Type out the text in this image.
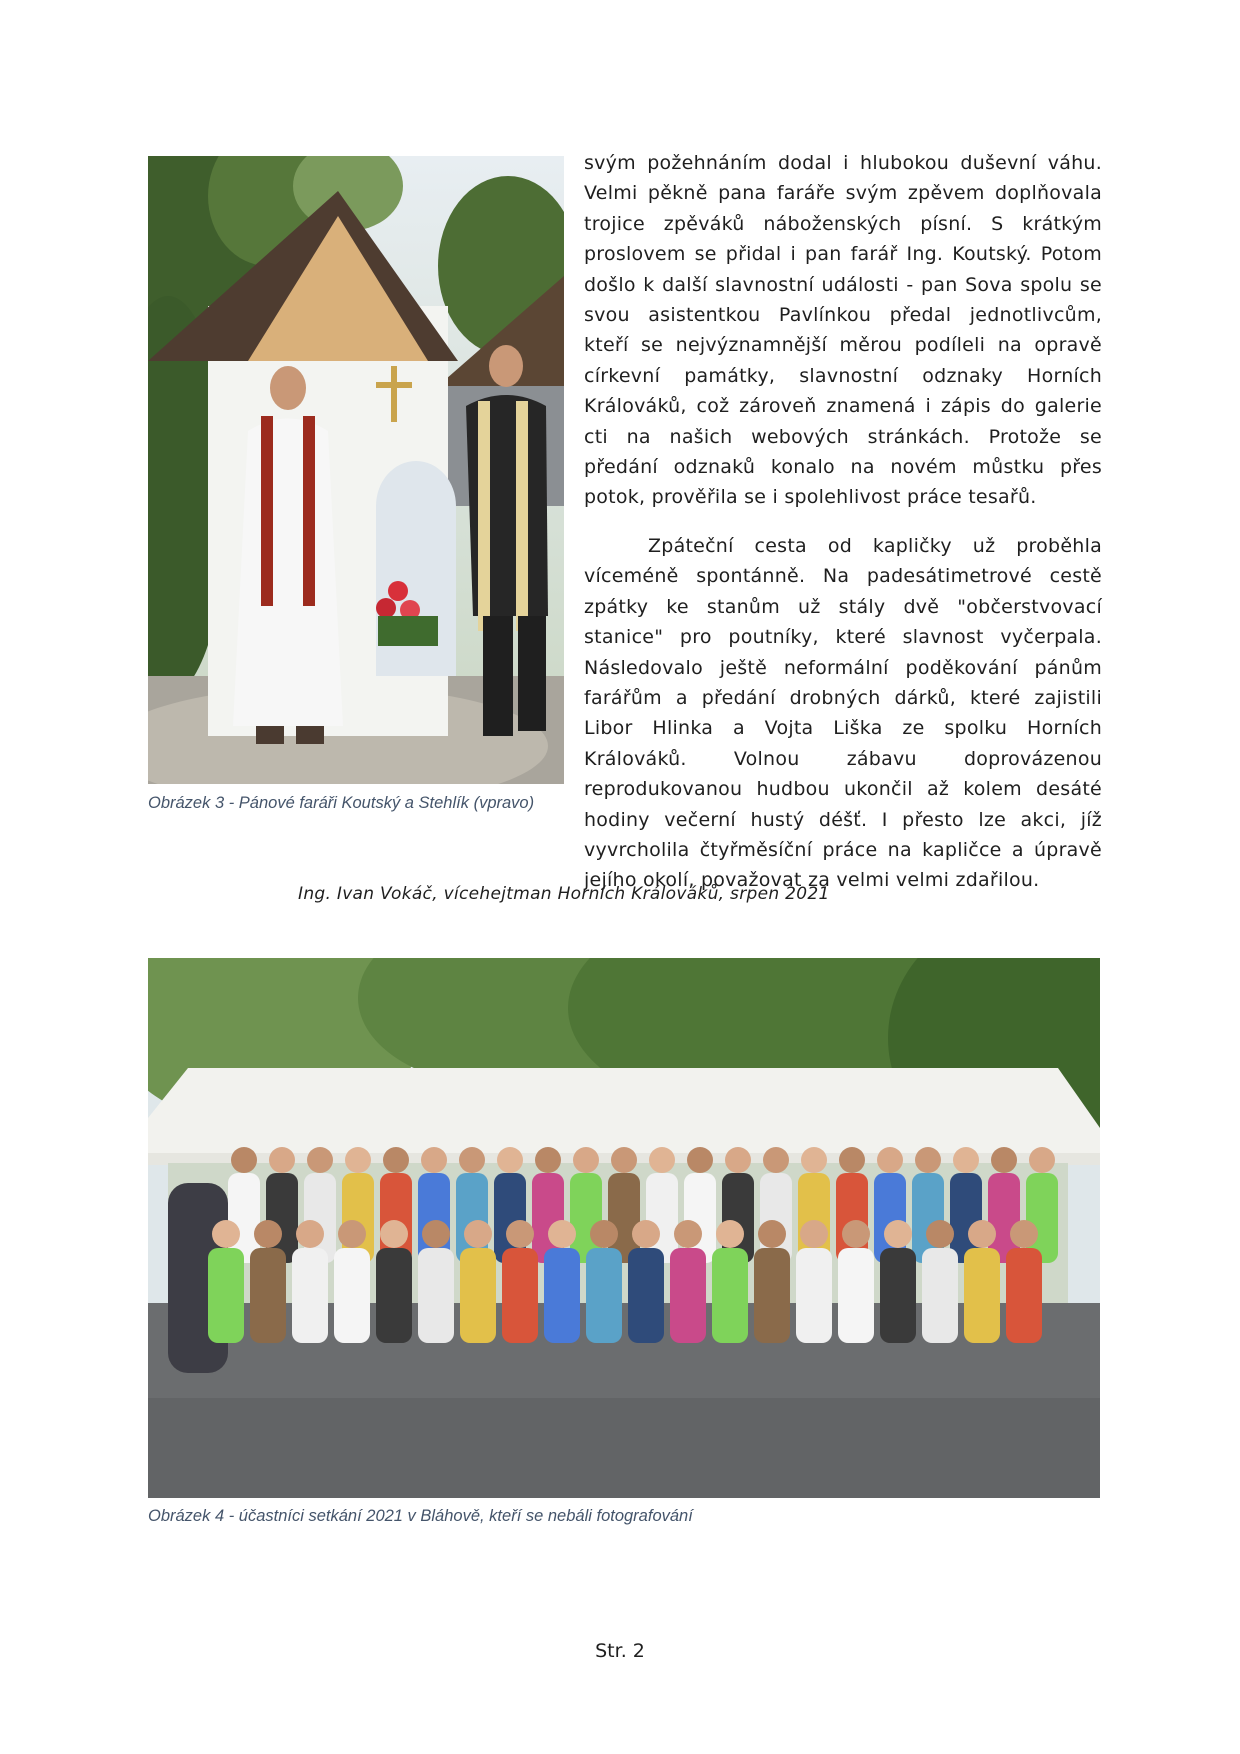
Obrázek 3 - Pánové faráři Koutský a Stehlík (vpravo)

svým požehnáním dodal i hlubokou duševní váhu. Velmi pěkně pana faráře svým zpěvem doplňovala trojice zpěváků náboženských písní. S krátkým proslovem se přidal i pan farář Ing. Koutský. Potom došlo k další slavnostní události - pan Sova spolu se svou asistentkou Pavlínkou předal jednotlivcům, kteří se nejvýznamnější měrou podíleli na opravě církevní památky, slavnostní odznaky Horních Králováků, což zároveň znamená i zápis do galerie cti na našich webových stránkách. Protože se předání odznaků konalo na novém můstku přes potok, prověřila se i spolehlivost práce tesařů.

Zpáteční cesta od kapličky už proběhla víceméně spontánně. Na padesátimetrové cestě zpátky ke stanům už stály dvě "občerstvovací stanice" pro poutníky, které slavnost vyčerpala. Následovalo ještě neformální poděkování pánům farářům a předání drobných dárků, které zajistili Libor Hlinka a Vojta Liška ze spolku Horních Králováků. Volnou zábavu doprovázenou reprodukovanou hudbou ukončil až kolem desáté hodiny večerní hustý déšť. I přesto lze akci, jíž vyvrcholila čtyřměsíční práce na kapličce a úpravě jejího okolí, považovat za velmi velmi zdařilou.

Ing. Ivan Vokáč, vícehejtman Horních Králováků, srpen 2021
Obrázek 4 - účastníci setkání 2021 v Bláhově, kteří se nebáli fotografování
Str. 2
